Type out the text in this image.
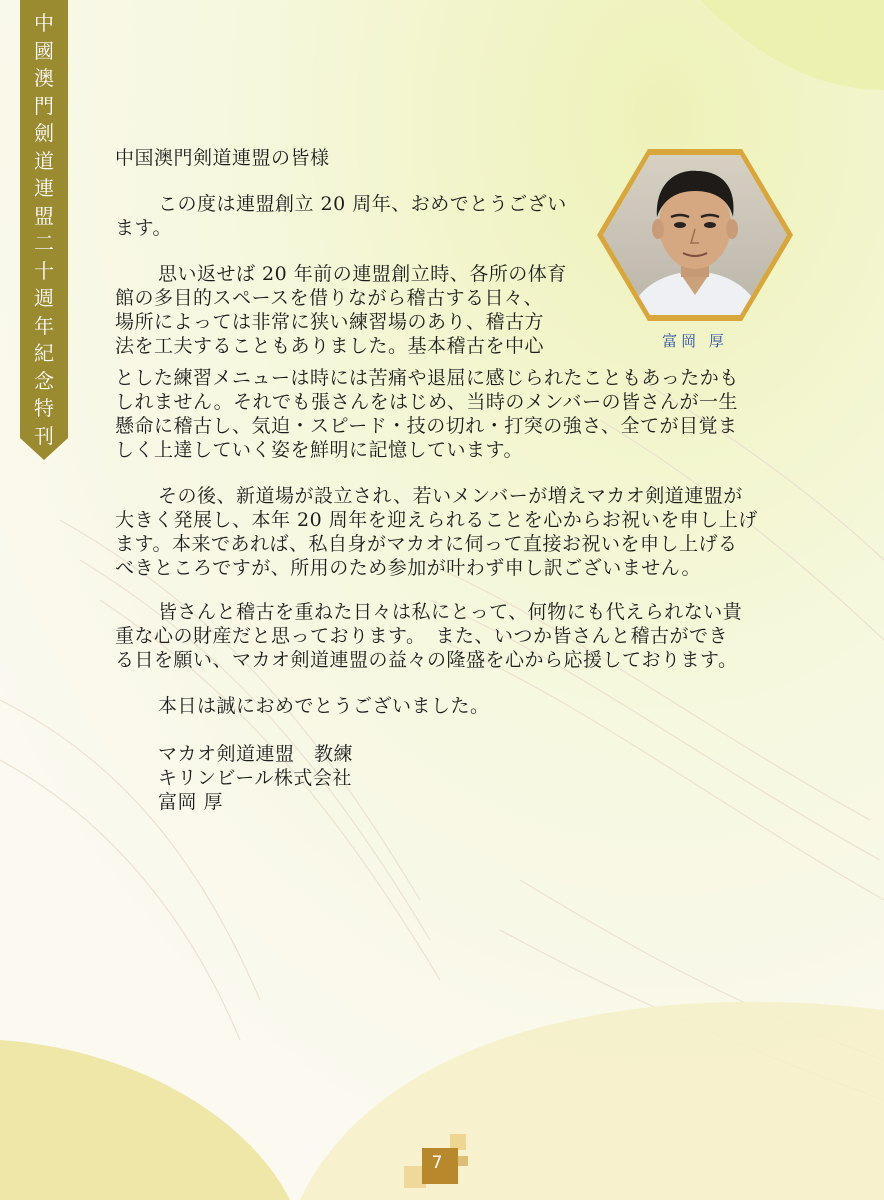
中
國
澳
門
劍
道
連
盟
二
十
週
年
紀
念
特
刊
富岡 厚
中国澳門剣道連盟の皆様
この度は連盟創立 20 周年、おめでとうござい
ます。
思い返せば 20 年前の連盟創立時、各所の体育
館の多目的スペースを借りながら稽古する日々、
場所によっては非常に狭い練習場のあり、稽古方
法を工夫することもありました。基本稽古を中心
とした練習メニューは時には苦痛や退屈に感じられたこともあったかも
しれません。それでも張さんをはじめ、当時のメンバーの皆さんが一生
懸命に稽古し、気迫・スピード・技の切れ・打突の強さ、全てが目覚ま
しく上達していく姿を鮮明に記憶しています。
その後、新道場が設立され、若いメンバーが増えマカオ剣道連盟が
大きく発展し、本年 20 周年を迎えられることを心からお祝いを申し上げ
ます。本来であれば、私自身がマカオに伺って直接お祝いを申し上げる
べきところですが、所用のため参加が叶わず申し訳ございません。
皆さんと稽古を重ねた日々は私にとって、何物にも代えられない貴
重な心の財産だと思っております。　また、いつか皆さんと稽古ができ
る日を願い、マカオ剣道連盟の益々の隆盛を心から応援しております。
本日は誠におめでとうございました。
マカオ剣道連盟　教練
キリンビール株式会社
富岡 厚
7
